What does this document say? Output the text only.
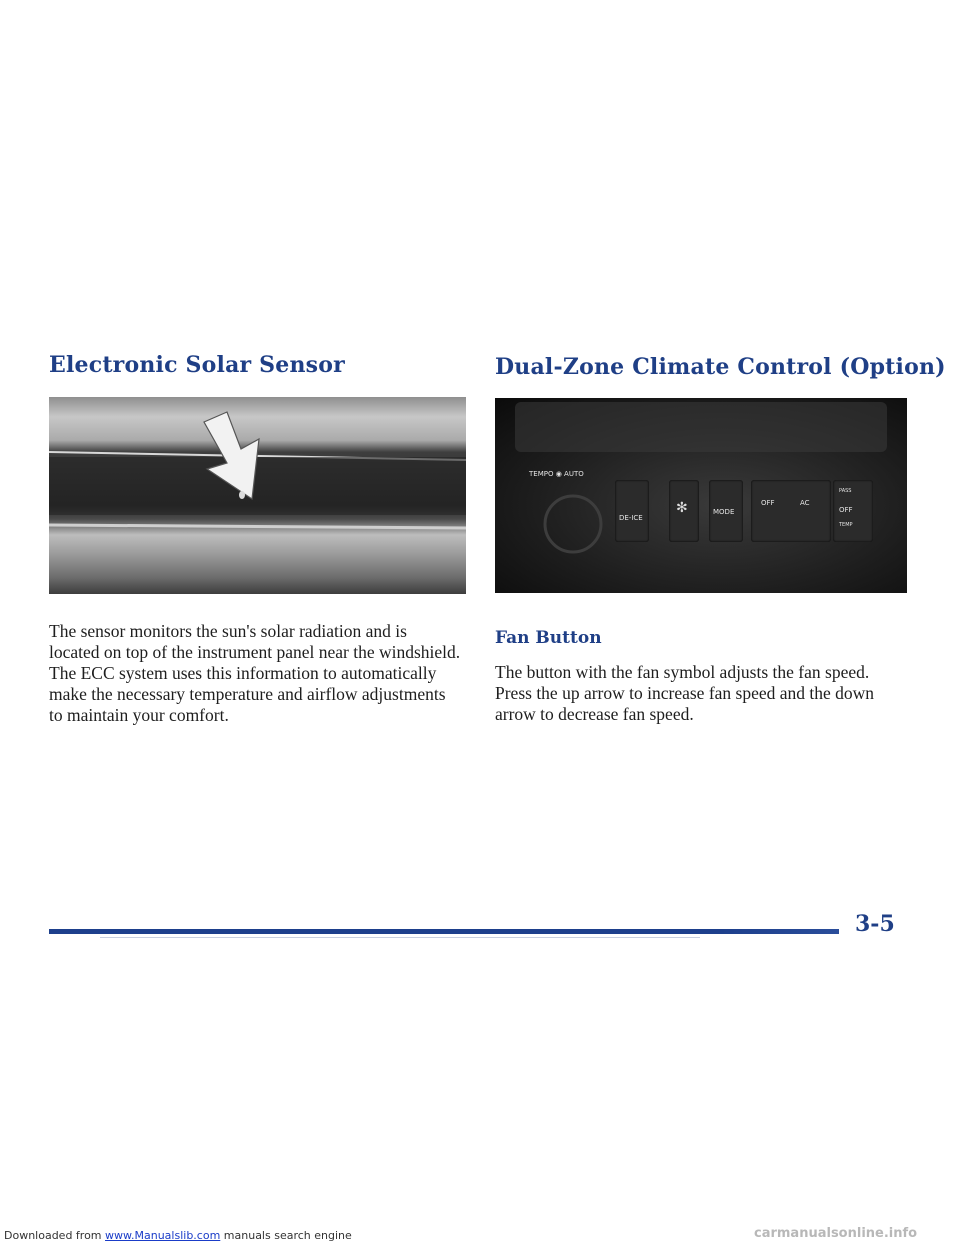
Electronic Solar Sensor

The sensor monitors the sun's solar radiation and is located on top of the instrument panel near the windshield. The ECC system uses this information to automatically make the necessary temperature and airflow adjustments to maintain your comfort.

Dual-Zone Climate Control (Option)
TEMPO ◉ AUTO
DE-ICE
✻	MODE
OFF	AC
PASS
OFF
TEMP
Fan Button

The button with the fan symbol adjusts the fan speed. Press the up arrow to increase fan speed and the down arrow to decrease fan speed.

3-5

Downloaded from www.Manualslib.com manuals search engine	carmanualsonline.info
